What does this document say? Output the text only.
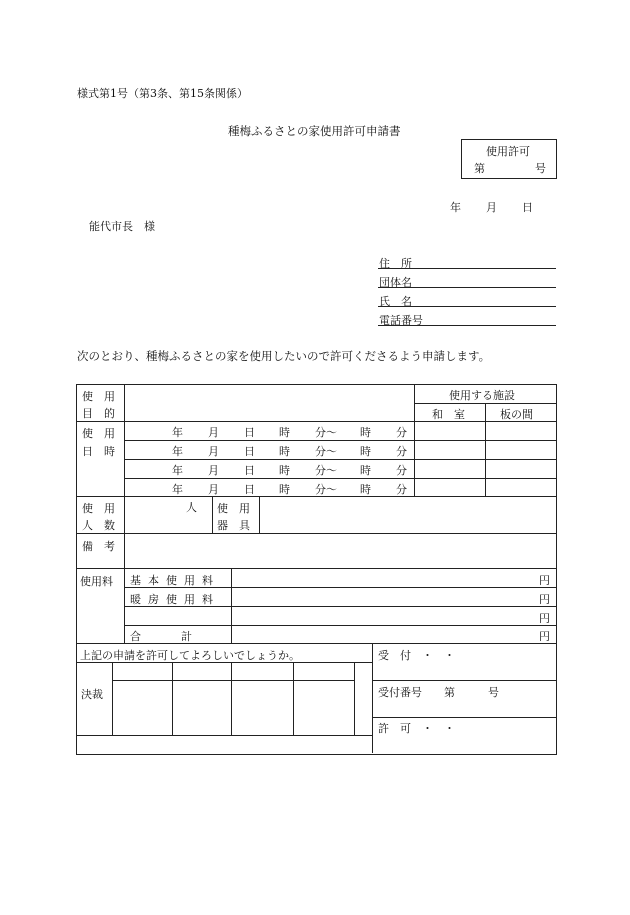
様式第1号（第3条、第15条関係）
種梅ふるさとの家使用許可申請書
使用許可
第	号
年 月 日
能代市長　様
住　所
団体名
氏　名
電話番号
次のとおり、種梅ふるさとの家を使用したいので許可くださるよう申請します。
使　用
目　的
使用する施設
和　室	板の間
使　用
日　時
年 月 日 時 分～ 時 分
年 月 日 時 分～ 時 分
年 月 日 時 分～ 時 分
年 月 日 時 分～ 時 分
使　用
人　数
人 使　用
器　具
備　考
使用料 基本使用料
暖房使用料
合　　計
円
円
円
円
上記の申請を許可してよろしいでしょうか。
決裁
受　付　・　・
受付番号　　第　　　号
許　可　・　・
